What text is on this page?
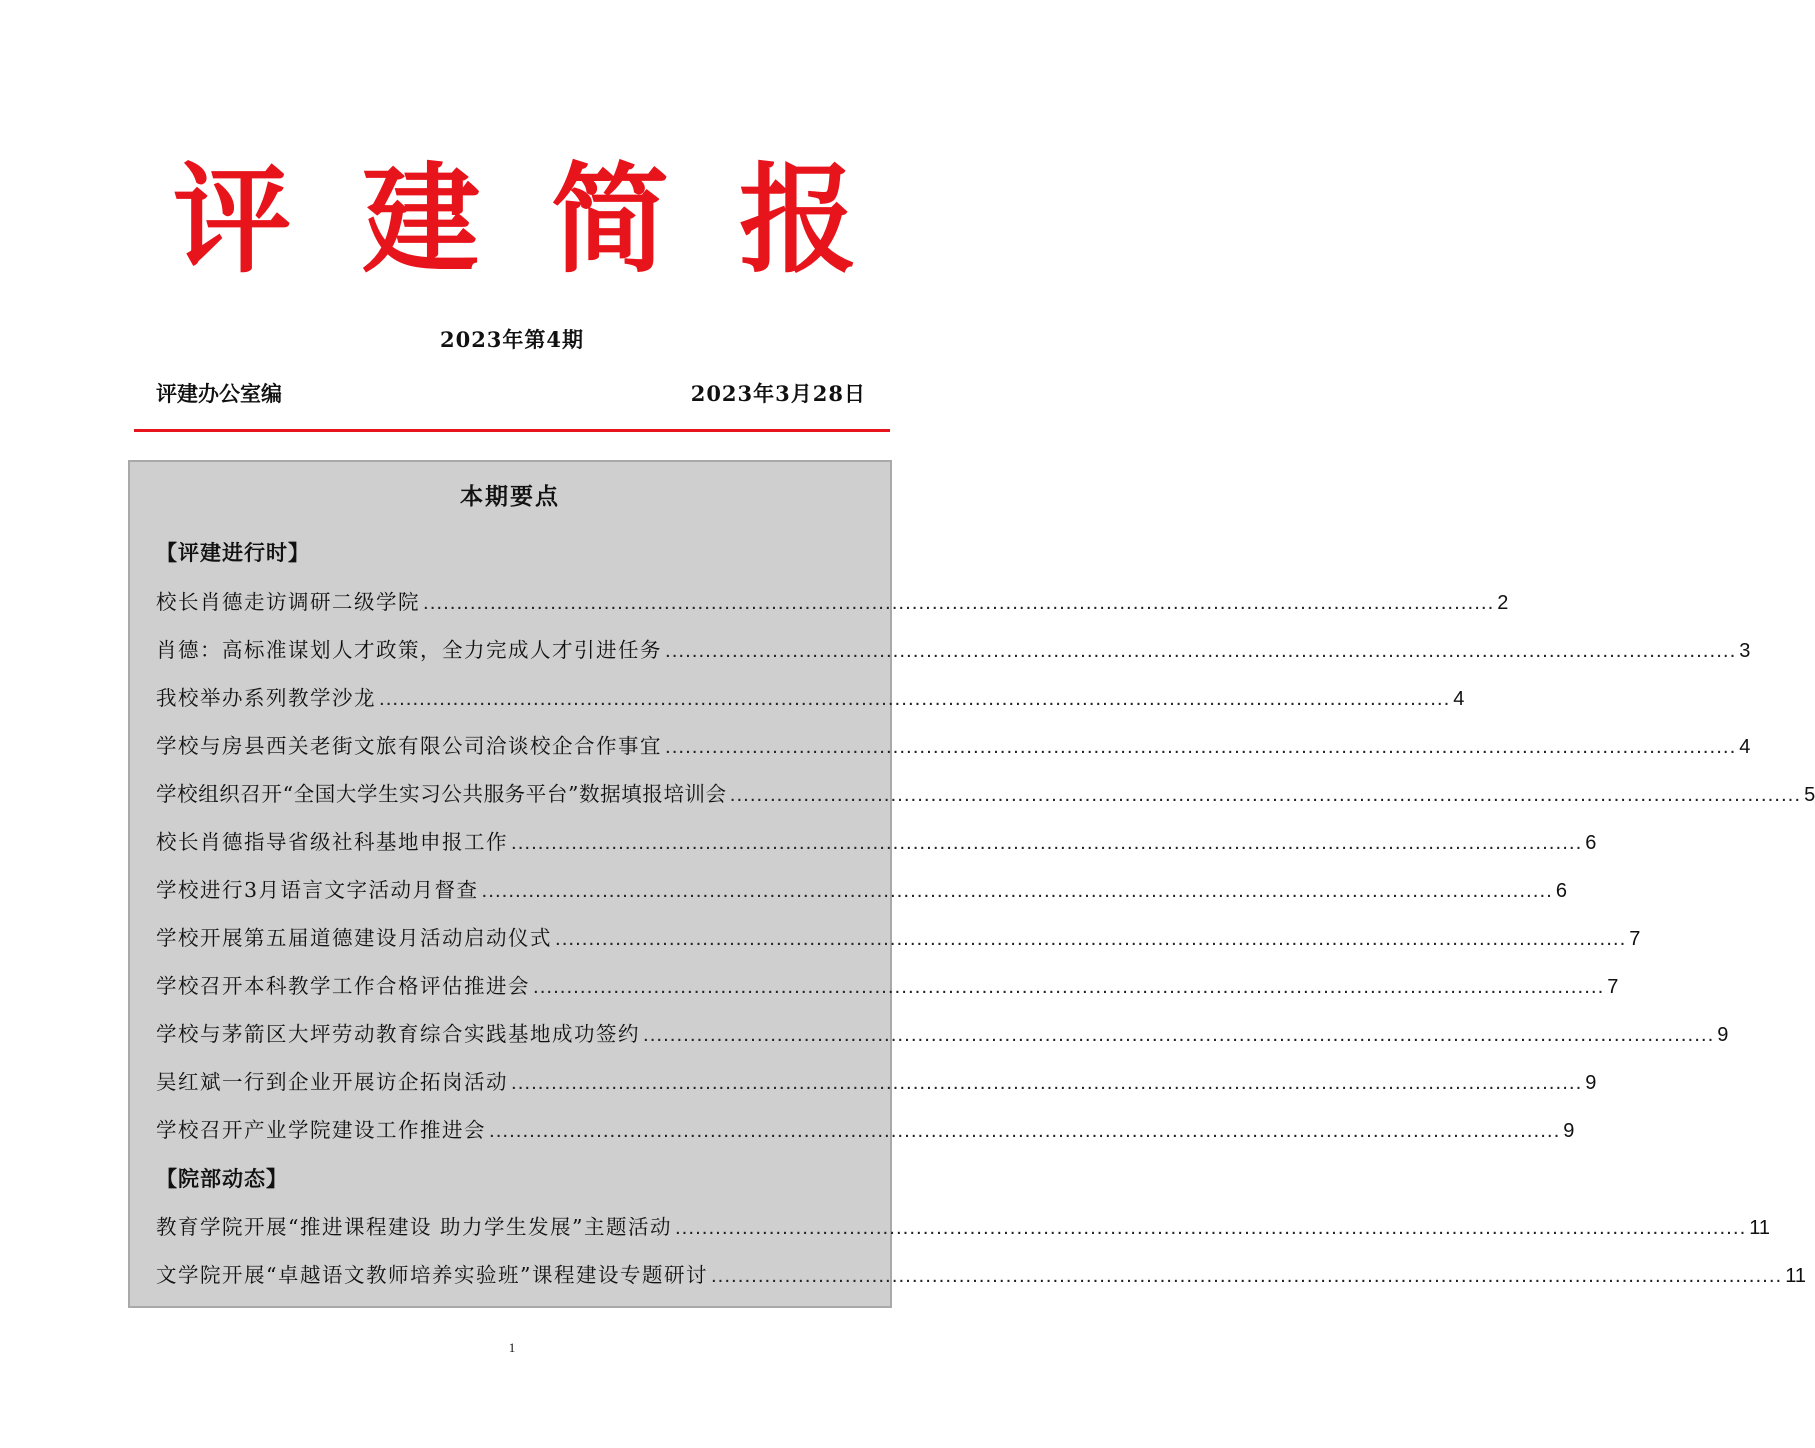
评 建 简 报
2023年第4期
评建办公室编	2023年3月28日
本期要点
【评建进行时】
校长肖德走访调研二级学院 ................................................................................................................................................................ 2
肖德：高标准谋划人才政策，全力完成人才引进任务 ................................................................................................................................................................ 3
我校举办系列教学沙龙 ................................................................................................................................................................ 4
学校与房县西关老街文旅有限公司洽谈校企合作事宜 ................................................................................................................................................................ 4
学校组织召开“全国大学生实习公共服务平台”数据填报培训会 ................................................................................................................................................................ 5
校长肖德指导省级社科基地申报工作 ................................................................................................................................................................ 6
学校进行3月语言文字活动月督查 ................................................................................................................................................................ 6
学校开展第五届道德建设月活动启动仪式 ................................................................................................................................................................ 7
学校召开本科教学工作合格评估推进会 ................................................................................................................................................................ 7
学校与茅箭区大坪劳动教育综合实践基地成功签约 ................................................................................................................................................................ 9
吴红斌一行到企业开展访企拓岗活动 ................................................................................................................................................................ 9
学校召开产业学院建设工作推进会 ................................................................................................................................................................ 9
【院部动态】
教育学院开展“推进课程建设 助力学生发展”主题活动 ................................................................................................................................................................ 11
文学院开展“卓越语文教师培养实验班”课程建设专题研讨 ................................................................................................................................................................ 11
1
